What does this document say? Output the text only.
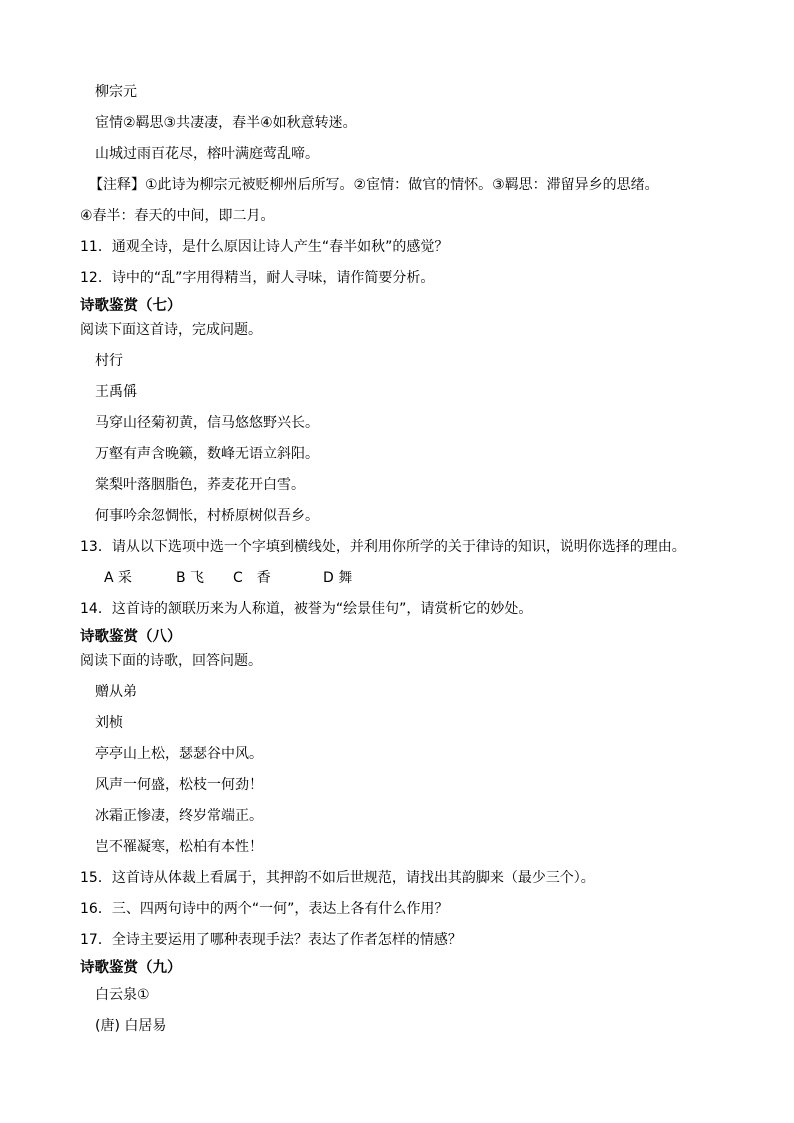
柳宗元
宦情②羁思③共凄凄，春半④如秋意转迷。
山城过雨百花尽，榕叶满庭莺乱啼。
【注释】①此诗为柳宗元被贬柳州后所写。②宦情：做官的情怀。③羁思：滞留异乡的思绪。
④春半：春天的中间，即二月。
11．通观全诗，是什么原因让诗人产生“春半如秋”的感觉？
12．诗中的“乱”字用得精当，耐人寻味，请作简要分析。
诗歌鉴赏（七）
阅读下面这首诗，完成问题。
村行
王禹偁
马穿山径菊初黄，信马悠悠野兴长。
万壑有声含晚籁，数峰无语立斜阳。
棠梨叶落胭脂色，荞麦花开白雪。
何事吟余忽惆怅，村桥原树似吾乡。
13．请从以下选项中选一个字填到横线处，并利用你所学的关于律诗的知识，说明你选择的理由。
A 采	B 飞 C　香	D 舞
14．这首诗的颔联历来为人称道，被誉为“绘景佳句”，请赏析它的妙处。
诗歌鉴赏（八）
阅读下面的诗歌，回答问题。
赠从弟
刘桢
亭亭山上松，瑟瑟谷中风。
风声一何盛，松枝一何劲！
冰霜正惨凄，终岁常端正。
岂不罹凝寒，松柏有本性！
15．这首诗从体裁上看属于，其押韵不如后世规范，请找出其韵脚来（最少三个）。
16．三、四两句诗中的两个“一何”，表达上各有什么作用？
17．全诗主要运用了哪种表现手法？表达了作者怎样的情感？
诗歌鉴赏（九）
白云泉①
(唐) 白居易
